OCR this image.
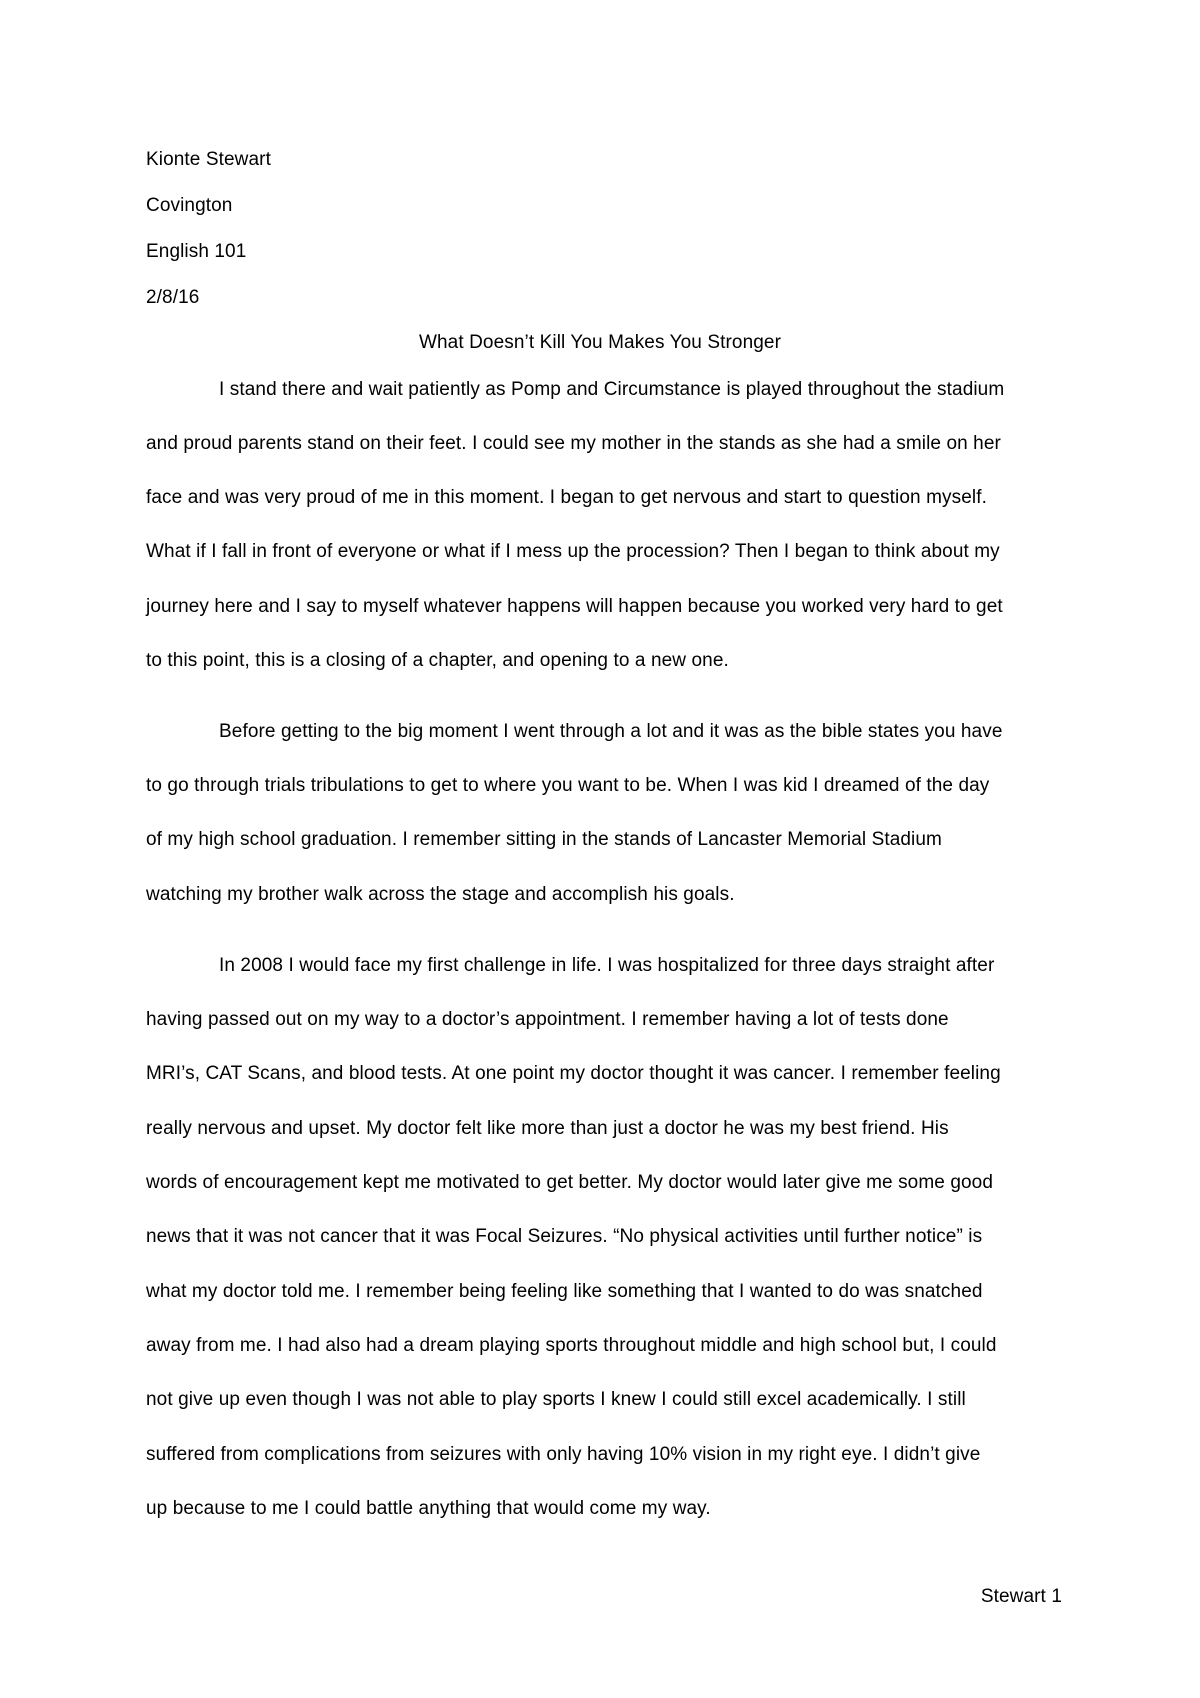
Kionte Stewart

Covington

English 101

2/8/16

What Doesn’t Kill You Makes You Stronger

I stand there and wait patiently as Pomp and Circumstance is played throughout the stadium

and proud parents stand on their feet. I could see my mother in the stands as she had a smile on her

face and was very proud of me in this moment. I began to get nervous and start to question myself.

What if I fall in front of everyone or what if I mess up the procession? Then I began to think about my

journey here and I say to myself whatever happens will happen because you worked very hard to get

to this point, this is a closing of a chapter, and opening to a new one.

Before getting to the big moment I went through a lot and it was as the bible states you have

to go through trials tribulations to get to where you want to be. When I was kid I dreamed of the day

of my high school graduation. I remember sitting in the stands of Lancaster Memorial Stadium

watching my brother walk across the stage and accomplish his goals.

In 2008 I would face my first challenge in life. I was hospitalized for three days straight after

having passed out on my way to a doctor’s appointment. I remember having a lot of tests done

MRI’s, CAT Scans, and blood tests. At one point my doctor thought it was cancer. I remember feeling

really nervous and upset. My doctor felt like more than just a doctor he was my best friend. His

words of encouragement kept me motivated to get better. My doctor would later give me some good

news that it was not cancer that it was Focal Seizures. “No physical activities until further notice” is

what my doctor told me. I remember being feeling like something that I wanted to do was snatched

away from me. I had also had a dream playing sports throughout middle and high school but, I could

not give up even though I was not able to play sports I knew I could still excel academically. I still

suffered from complications from seizures with only having 10% vision in my right eye. I didn’t give

up because to me I could battle anything that would come my way.

Stewart 1
